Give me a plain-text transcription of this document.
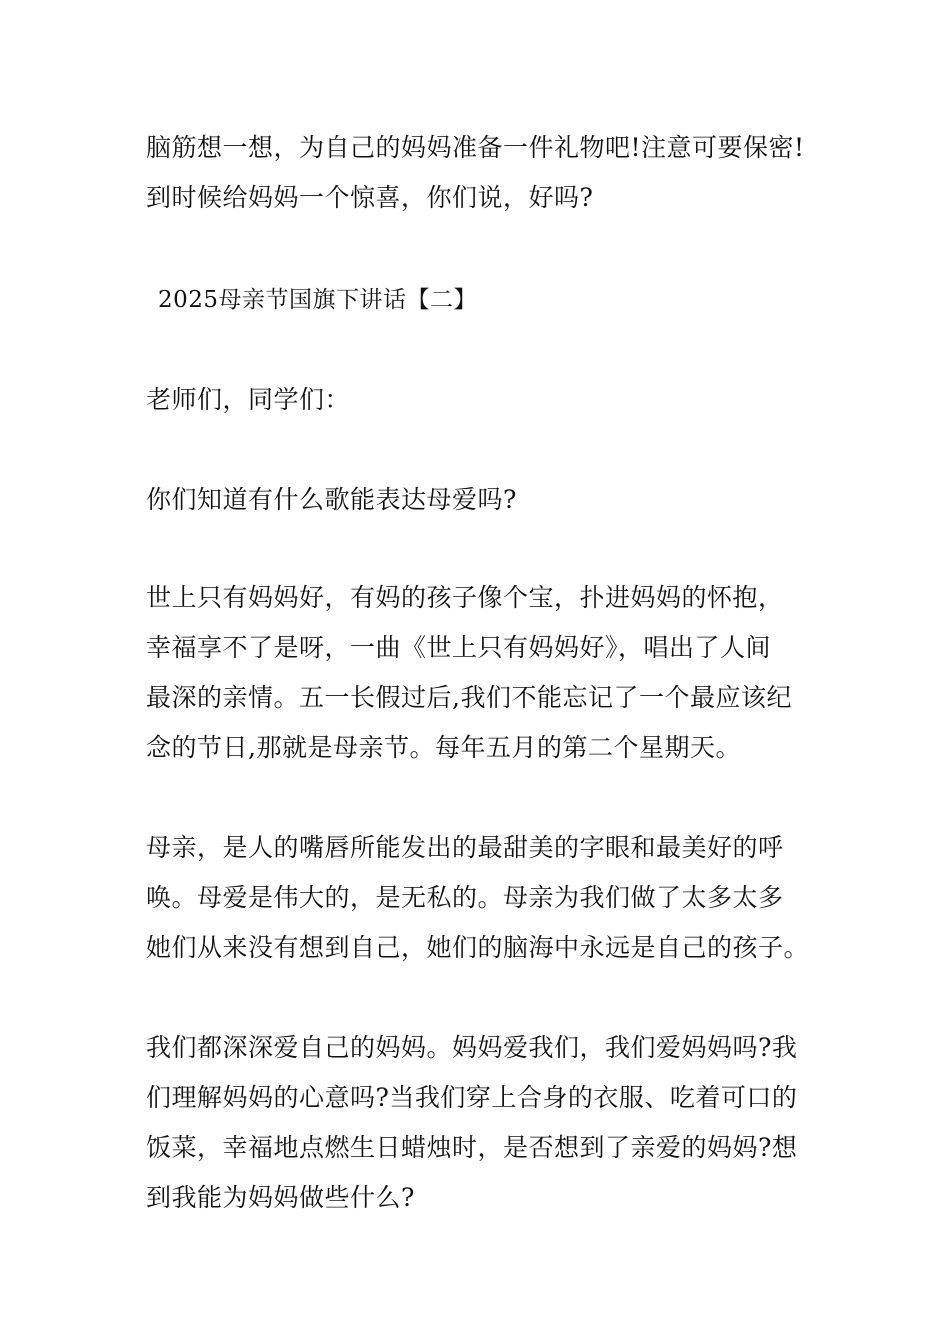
脑筋想一想，为自己的妈妈准备一件礼物吧!注意可要保密!
到时候给妈妈一个惊喜，你们说，好吗?
2025母亲节国旗下讲话【二】
老师们，同学们：
你们知道有什么歌能表达母爱吗?
世上只有妈妈好，有妈的孩子像个宝，扑进妈妈的怀抱，
幸福享不了是呀，一曲《世上只有妈妈好》，唱出了人间
最深的亲情。五一长假过后,我们不能忘记了一个最应该纪
念的节日,那就是母亲节。每年五月的第二个星期天。
母亲，是人的嘴唇所能发出的最甜美的字眼和最美好的呼
唤。母爱是伟大的，是无私的。母亲为我们做了太多太多
她们从来没有想到自己，她们的脑海中永远是自己的孩子。
我们都深深爱自己的妈妈。妈妈爱我们，我们爱妈妈吗?我
们理解妈妈的心意吗?当我们穿上合身的衣服、吃着可口的
饭菜，幸福地点燃生日蜡烛时，是否想到了亲爱的妈妈?想
到我能为妈妈做些什么?
